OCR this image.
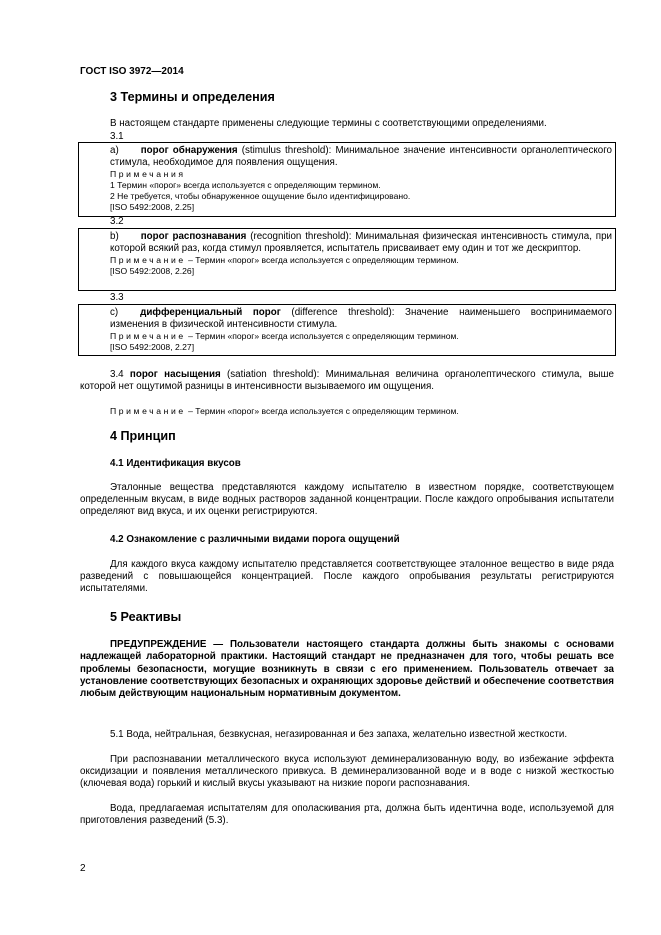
ГОСТ ISO 3972—2014
3 Термины и определения
В настоящем стандарте применены следующие термины с соответствующими определениями.
3.1

a) порог обнаружения (stimulus threshold): Минимальное значение интенсивности органолептического стимула, необходимое для появления ощущения.

Примечания

1 Термин «порог» всегда используется с определяющим термином.

2 Не требуется, чтобы обнаруженное ощущение было идентифицировано.

[ISO 5492:2008, 2.25]

3.2

b) порог распознавания (recognition threshold): Минимальная физическая интенсивность стимула, при которой всякий раз, когда стимул проявляется, испытатель присваивает ему один и тот же дескриптор.

Примечание – Термин «порог» всегда используется с определяющим термином.

[ISO 5492:2008, 2.26]

3.3

c) дифференциальный порог (difference threshold): Значение наименьшего воспринимаемого изменения в физической интенсивности стимула.

Примечание – Термин «порог» всегда используется с определяющим термином.

[ISO 5492:2008, 2.27]

3.4 порог насыщения (satiation threshold): Минимальная величина органолептического стимула, выше которой нет ощутимой разницы в интенсивности вызываемого им ощущения.
Примечание – Термин «порог» всегда используется с определяющим термином.
4 Принцип
4.1 Идентификация вкусов
Эталонные вещества представляются каждому испытателю в известном порядке, соответствующем определенным вкусам, в виде водных растворов заданной концентрации. После каждого опробывания испытатели определяют вид вкуса, и их оценки регистрируются.
4.2 Ознакомление с различными видами порога ощущений
Для каждого вкуса каждому испытателю представляется соответствующее эталонное вещество в виде ряда разведений с повышающейся концентрацией. После каждого опробывания результаты регистрируются испытателями.
5 Реактивы
ПРЕДУПРЕЖДЕНИЕ — Пользователи настоящего стандарта должны быть знакомы с основами надлежащей лабораторной практики. Настоящий стандарт не предназначен для того, чтобы решать все проблемы безопасности, могущие возникнуть в связи с его применением. Пользователь отвечает за установление соответствующих безопасных и охраняющих здоровье действий и обеспечение соответствия любым действующим национальным нормативным документом.
5.1 Вода, нейтральная, безвкусная, негазированная и без запаха, желательно известной жесткости.
При распознавании металлического вкуса используют деминерализованную воду, во избежание эффекта оксидизации и появления металлического привкуса. В деминерализованной воде и в воде с низкой жесткостью (ключевая вода) горький и кислый вкусы указывают на низкие пороги распознавания.
Вода, предлагаемая испытателям для ополаскивания рта, должна быть идентична воде, используемой для приготовления разведений (5.3).
2
